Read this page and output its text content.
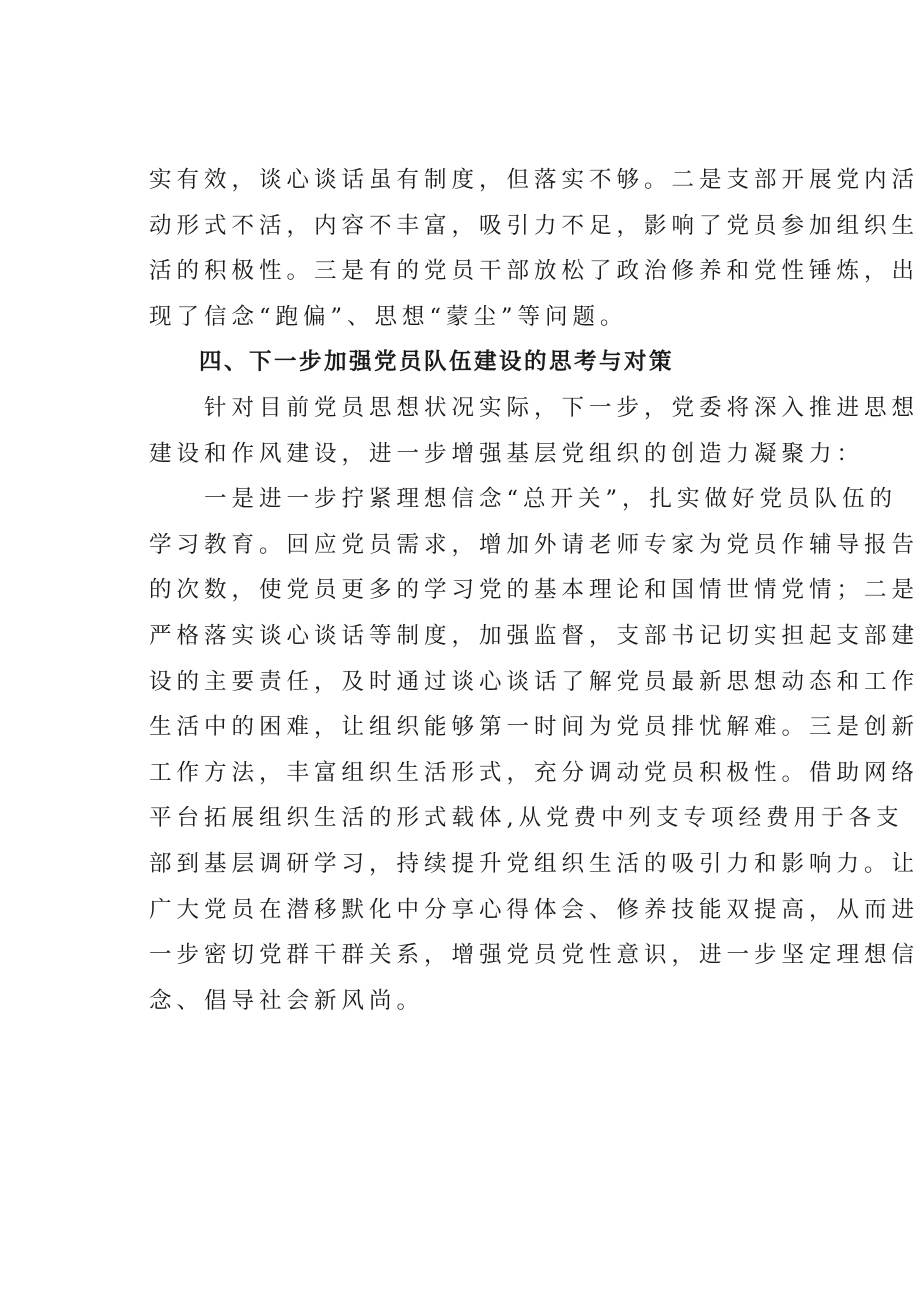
实有效，谈心谈话虽有制度，但落实不够。二是支部开展党内活
动形式不活，内容不丰富，吸引力不足，影响了党员参加组织生
活的积极性。三是有的党员干部放松了政治修养和党性锤炼，出
现了信念“跑偏”、思想“蒙尘”等问题。
　　四、下一步加强党员队伍建设的思考与对策
　　针对目前党员思想状况实际，下一步，党委将深入推进思想
建设和作风建设，进一步增强基层党组织的创造力凝聚力：
　　一是进一步拧紧理想信念“总开关”，扎实做好党员队伍的
学习教育。回应党员需求，增加外请老师专家为党员作辅导报告
的次数，使党员更多的学习党的基本理论和国情世情党情；二是
严格落实谈心谈话等制度，加强监督，支部书记切实担起支部建
设的主要责任，及时通过谈心谈话了解党员最新思想动态和工作
生活中的困难，让组织能够第一时间为党员排忧解难。三是创新
工作方法，丰富组织生活形式，充分调动党员积极性。借助网络
平台拓展组织生活的形式载体,从党费中列支专项经费用于各支
部到基层调研学习，持续提升党组织生活的吸引力和影响力。让
广大党员在潜移默化中分享心得体会、修养技能双提高，从而进
一步密切党群干群关系，增强党员党性意识，进一步坚定理想信
念、倡导社会新风尚。
